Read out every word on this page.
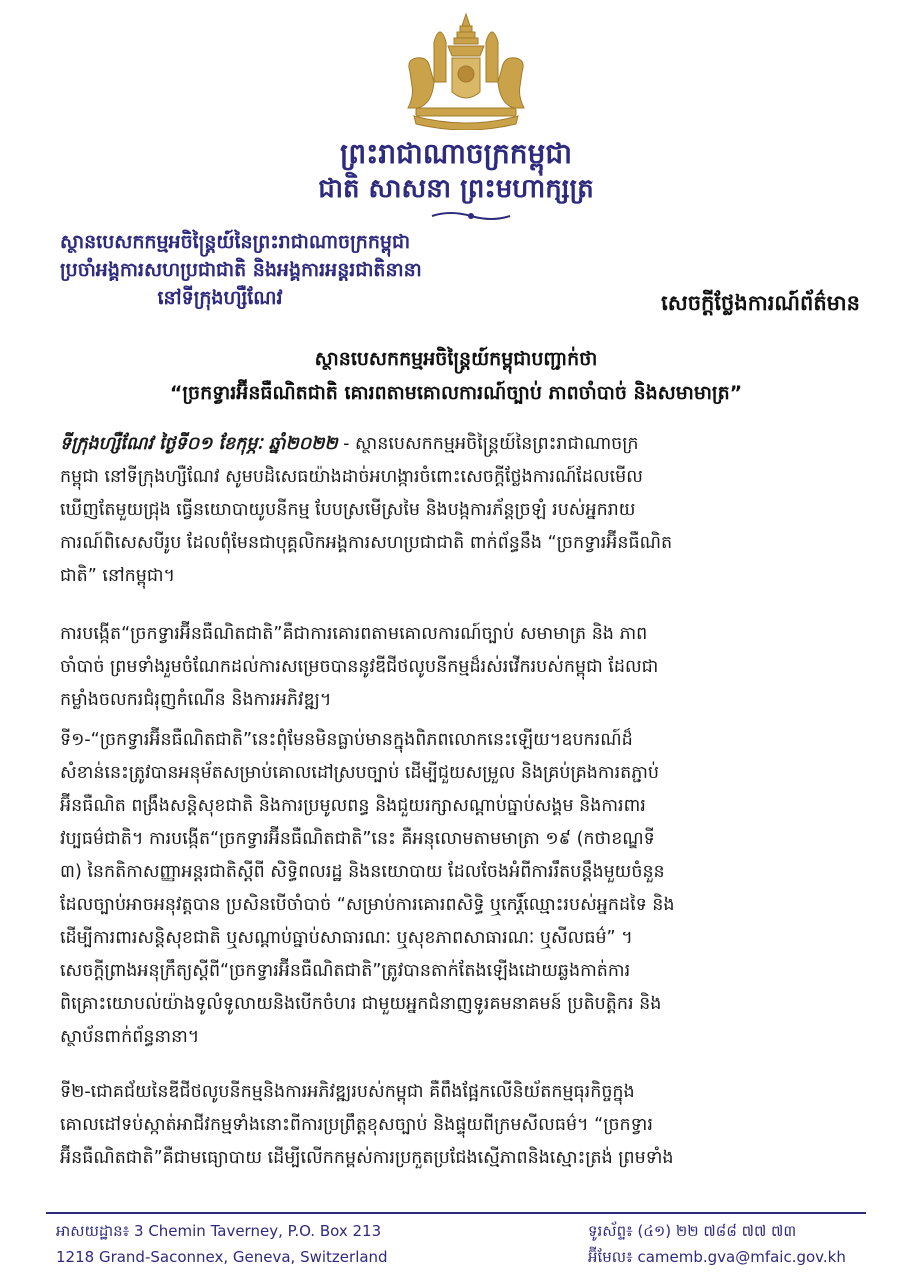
ព្រះរាជាណាចក្រកម្ពុជា
ជាតិ សាសនា ព្រះមហាក្សត្រ
ស្ថានបេសកកម្មអចិន្ត្រៃយ៍នៃព្រះរាជាណាចក្រកម្ពុជា
ប្រចាំអង្គការសហប្រជាជាតិ និងអង្គការអន្តរជាតិនានា
នៅទីក្រុងហ្សឺណែវ	សេចក្តីថ្លែងការណ៍ព័ត៌មាន
ស្ថានបេសកកម្មអចិន្ត្រៃយ៍កម្ពុជាបញ្ជាក់ថា
“ច្រកទ្វារអ៊ីនធឺណិតជាតិ គោរពតាមគោលការណ៍ច្បាប់ ភាពចាំបាច់ និងសមាមាត្រ”
ទីក្រុងហ្សឺណែវ ថ្ងៃទី០១ ខែកុម្ភៈ ឆ្នាំ២០២២ - ស្ថានបេសកកម្មអចិន្ត្រៃយ៍នៃព្រះរាជាណាចក្រ
កម្ពុជា នៅទីក្រុងហ្សឺណែវ សូមបដិសេធយ៉ាងដាច់អហង្ការចំពោះសេចក្តីថ្លែងការណ៍ដែលមើល
ឃើញតែមួយជ្រុង ធ្វើនយោបាយូបនីកម្ម បែបស្រមើស្រមៃ និងបង្កការភ័ន្តច្រឡំ របស់អ្នករាយ
ការណ៍ពិសេសបីរូប ដែលពុំមែនជាបុគ្គលិកអង្គការសហប្រជាជាតិ ពាក់ព័ន្ធនឹង “ច្រកទ្វារអ៊ីនធឺណិត
ជាតិ” នៅកម្ពុជា។
ការបង្កើត“ច្រកទ្វារអ៊ីនធឺណិតជាតិ”គឺជាការគោរពតាមគោលការណ៍ច្បាប់ សមាមាត្រ និង ភាព
ចាំបាច់ ព្រមទាំងរួមចំណែកដល់ការសម្រេចបាននូវឌីជីថលូបនីកម្មដ៏រស់រវើករបស់កម្ពុជា ដែលជា
កម្លាំងចលករជំរុញកំណើន និងការអភិវឌ្ឍ។
ទី១-“ច្រកទ្វារអ៊ីនធឺណិតជាតិ”នេះពុំមែនមិនធ្លាប់មានក្នុងពិភពលោកនេះឡើយ។ឧបករណ៍ដ៏
សំខាន់នេះត្រូវបានអនុម័តសម្រាប់គោលដៅស្របច្បាប់ ដើម្បីជួយសម្រួល និងគ្រប់គ្រងការតភ្ជាប់
អ៊ីនធឺណិត ពង្រឹងសន្តិសុខជាតិ និងការប្រមូលពន្ធ និងជួយរក្សាសណ្តាប់ធ្នាប់សង្គម និងការពារ
វប្បធម៌ជាតិ។ ការបង្កើត“ច្រកទ្វារអ៊ីនធឺណិតជាតិ”នេះ គឺអនុលោមតាមមាត្រា ១៩ (កថាខណ្ឌទី
៣) នៃកតិកាសញ្ញាអន្តរជាតិស្តីពី សិទ្ធិពលរដ្ឋ និងនយោបាយ ដែលចែងអំពីការរឹតបន្តឹងមួយចំនួន
ដែលច្បាប់អាចអនុវត្តបាន ប្រសិនបើចាំបាច់ “សម្រាប់ការគោរពសិទ្ធិ ឬកេរ្តិ៍ឈ្មោះរបស់អ្នកដទៃ និង
ដើម្បីការពារសន្តិសុខជាតិ ឬសណ្តាប់ធ្នាប់សាធារណៈ ឬសុខភាពសាធារណៈ ឬសីលធម៌” ។
សេចក្តីព្រាងអនុក្រឹត្យស្តីពី“ច្រកទ្វារអ៊ីនធឺណិតជាតិ”ត្រូវបានតាក់តែងឡើងដោយឆ្លងកាត់ការ
ពិគ្រោះយោបល់យ៉ាងទូលំទូលាយនិងបើកចំហរ ជាមួយអ្នកជំនាញទូរគមនាគមន៍ ប្រតិបត្តិករ និង
ស្ថាប័នពាក់ព័ន្ធនានា។
ទី២-ជោគជ័យនៃឌីជីថលូបនីកម្មនិងការអភិវឌ្ឍរបស់កម្ពុជា គឺពឹងផ្អែកលើនិយ័តកម្មធុរកិច្ចក្នុង
គោលដៅទប់ស្កាត់អាជីវកម្មទាំងនោះពីការប្រព្រឹត្តខុសច្បាប់ និងផ្ទុយពីក្រមសីលធម៌។ “ច្រកទ្វារ
អ៊ីនធឺណិតជាតិ”គឺជាមធ្យោបាយ ដើម្បីលើកកម្ពស់ការប្រកួតប្រជែងស្មើភាពនិងស្មោះត្រង់ ព្រមទាំង
អាសយដ្ឋាន៖ 3 Chemin Taverney, P.O. Box 213
1218 Grand-Saconnex, Geneva, Switzerland
ទូរស័ព្ទ៖ (៤១) ២២ ៧៨៨ ៧៧ ៧៣
អ៊ីមែល៖ camemb.gva@mfaic.gov.kh
